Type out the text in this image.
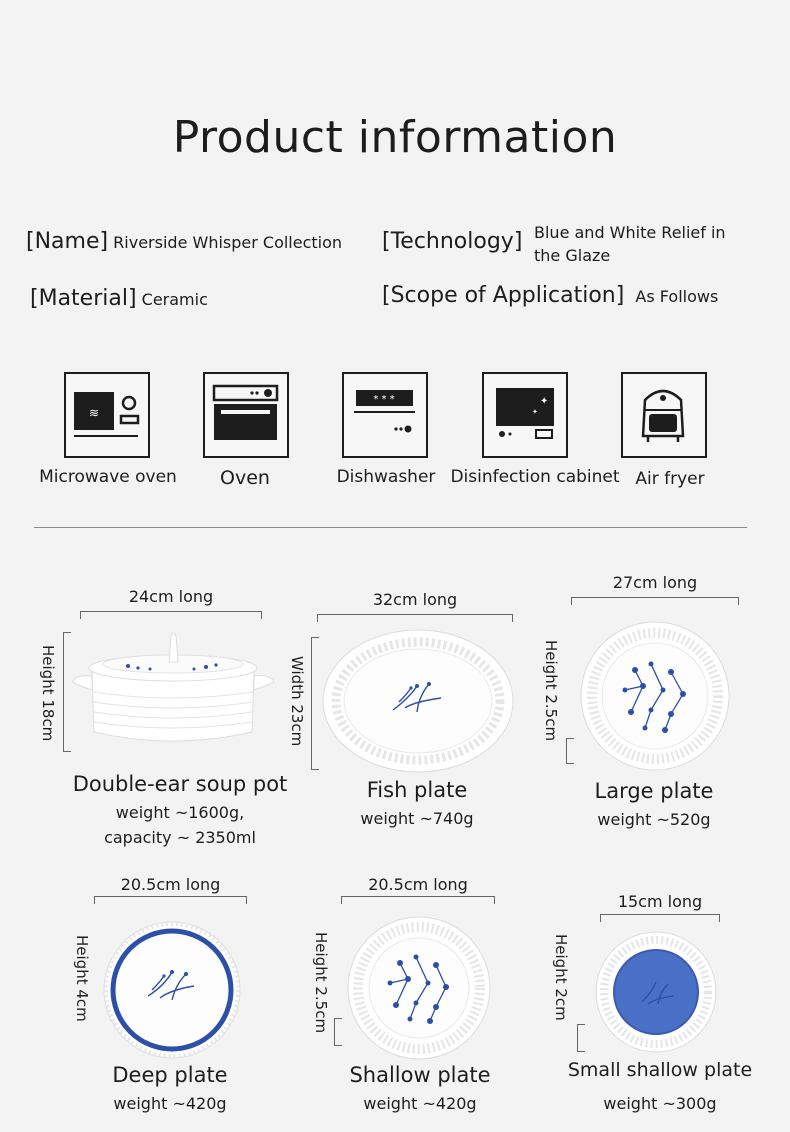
Product information
[Name] Riverside Whisper Collection [Technology] Blue and White Relief in the Glaze
[Material] Ceramic	[Scope of Application] As Follows
≋
* * *	✦
✦
Microwave oven	Oven	Dishwasher Disinfection cabinet Air fryer
24cm long
Height 18cm
Double-ear soup pot
weight ~1600g,
capacity ~ 2350ml
32cm long
Width 23cm
Fish plate
weight ~740g
27cm long
Height 2.5cm
Large plate
weight ~520g
20.5cm long
Height 4cm
Deep plate
weight ~420g
20.5cm long
Height 2.5cm
Shallow plate
weight ~420g
15cm long
Height 2cm
Small shallow plate
weight ~300g
